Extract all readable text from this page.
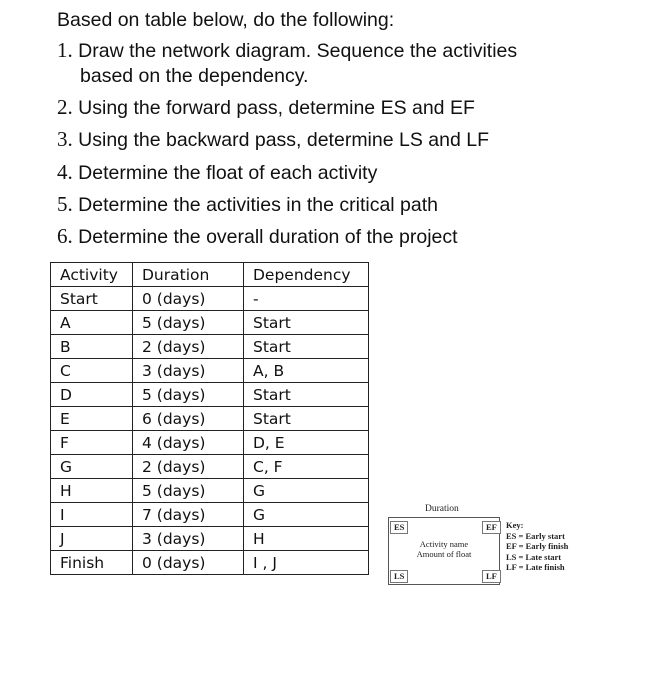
Based on table below, do the following:
1. Draw the network diagram. Sequence the activities
based on the dependency.
2. Using the forward pass, determine ES and EF
3. Using the backward pass, determine LS and LF
4. Determine the float of each activity
5. Determine the activities in the critical path
6. Determine the overall duration of the project
Activity	Duration	Dependency
Start	0 (days)	-
A	5 (days)	Start
B	2 (days)	Start
C	3 (days)	A, B
D	5 (days)	Start
E	6 (days)	Start
F	4 (days)	D, E
G	2 (days)	C, F
H	5 (days)	G
I	7 (days)	G
J	3 (days)	H
Finish	0 (days)	I , J
Duration
ES	EF
Activity name
Amount of float
LS	LF
Key:
ES = Early start
EF = Early finish
LS = Late start
LF = Late finish
